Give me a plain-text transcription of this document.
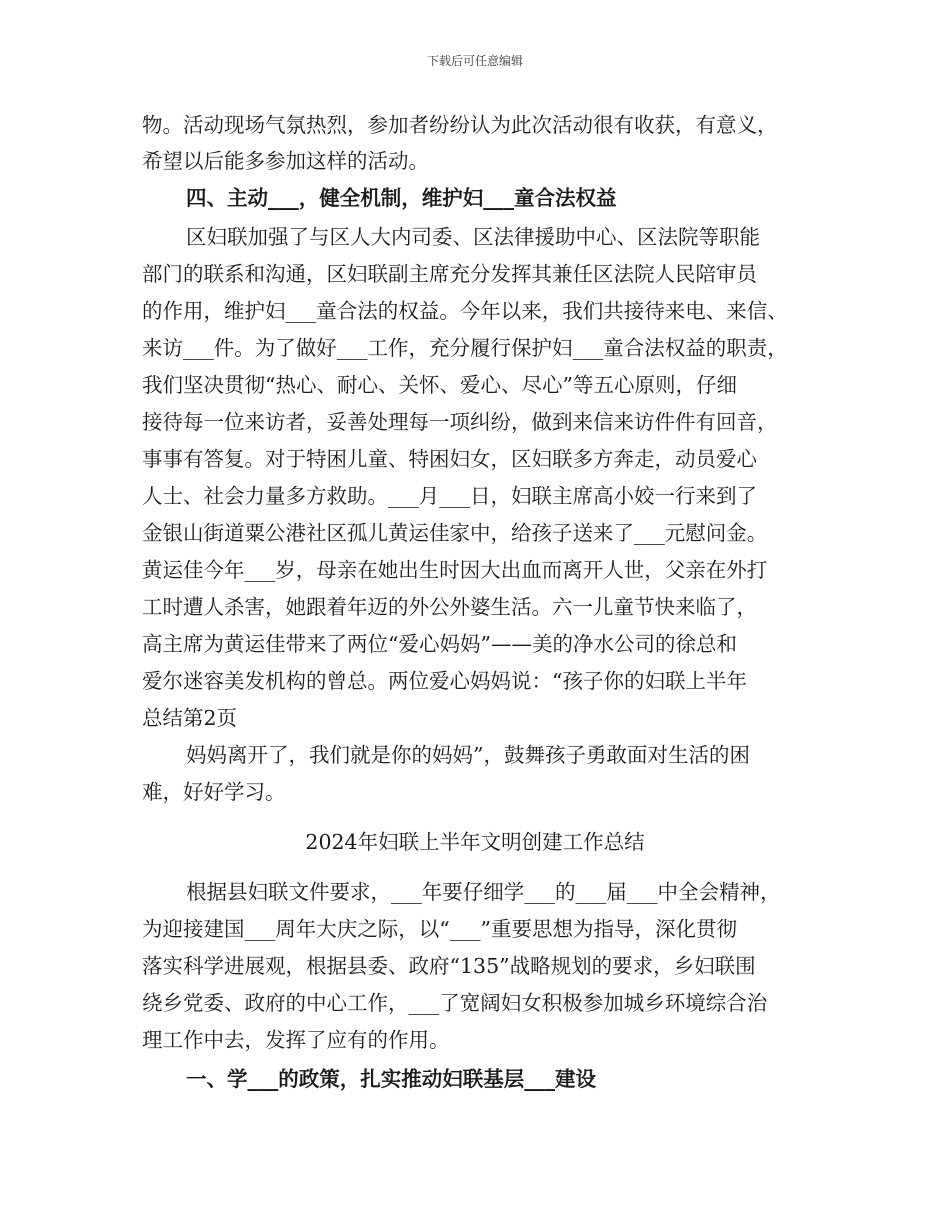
下载后可任意编辑
物。活动现场气氛热烈，参加者纷纷认为此次活动很有收获，有意义，
希望以后能多参加这样的活动。
四、主动___，健全机制，维护妇___童合法权益
区妇联加强了与区人大内司委、区法律援助中心、区法院等职能
部门的联系和沟通，区妇联副主席充分发挥其兼任区法院人民陪审员
的作用，维护妇___童合法的权益。今年以来，我们共接待来电、来信、
来访___件。为了做好___工作，充分履行保护妇___童合法权益的职责，
我们坚决贯彻“热心、耐心、关怀、爱心、尽心”等五心原则，仔细
接待每一位来访者，妥善处理每一项纠纷，做到来信来访件件有回音，
事事有答复。对于特困儿童、特困妇女，区妇联多方奔走，动员爱心
人士、社会力量多方救助。___月___日，妇联主席高小姣一行来到了
金银山街道粟公港社区孤儿黄运佳家中，给孩子送来了___元慰问金。
黄运佳今年___岁，母亲在她出生时因大出血而离开人世，父亲在外打
工时遭人杀害，她跟着年迈的外公外婆生活。六一儿童节快来临了，
高主席为黄运佳带来了两位“爱心妈妈”——美的净水公司的徐总和
爱尔迷容美发机构的曾总。两位爱心妈妈说：“孩子你的妇联上半年
总结第2页
妈妈离开了，我们就是你的妈妈”，鼓舞孩子勇敢面对生活的困
难，好好学习。
2024年妇联上半年文明创建工作总结
根据县妇联文件要求，___年要仔细学___的___届___中全会精神，
为迎接建国___周年大庆之际，以“___”重要思想为指导，深化贯彻
落实科学进展观，根据县委、政府“135”战略规划的要求，乡妇联围
绕乡党委、政府的中心工作，___了宽阔妇女积极参加城乡环境综合治
理工作中去，发挥了应有的作用。
一、学___的政策，扎实推动妇联基层___建设
